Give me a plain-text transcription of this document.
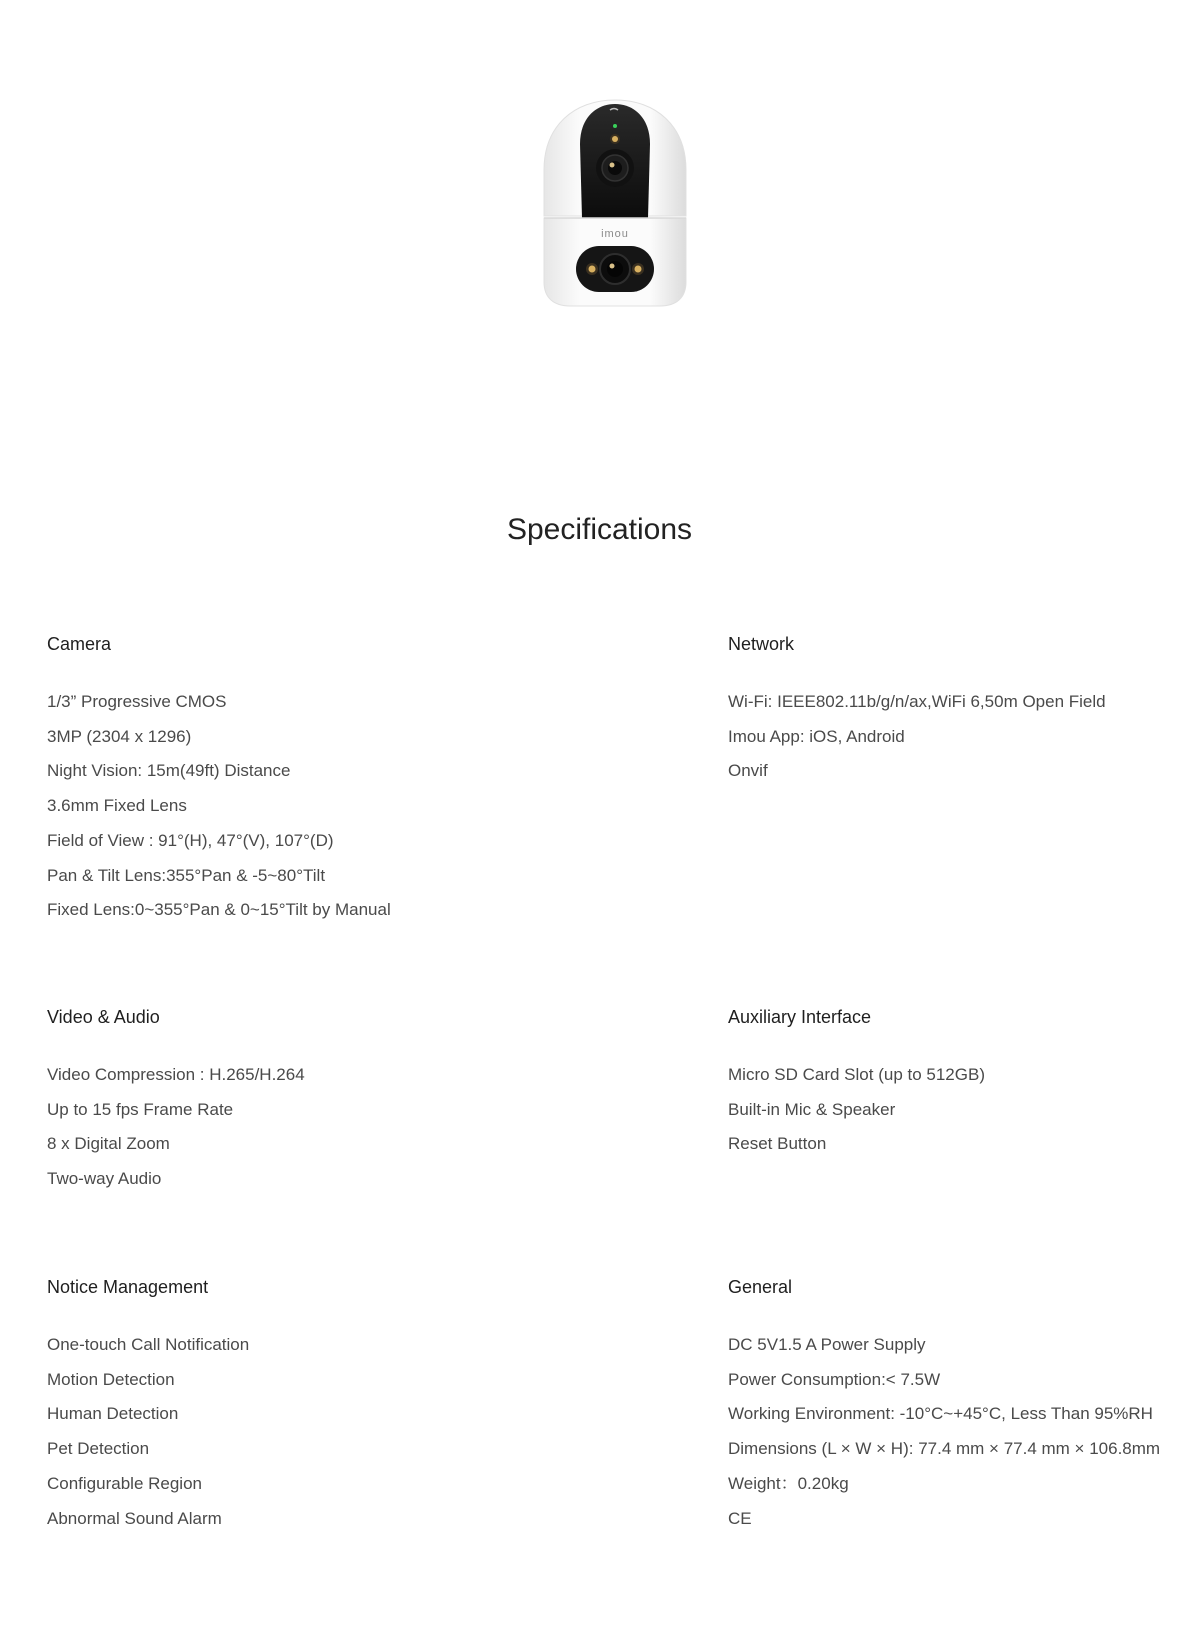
imou
Specifications
Camera
1/3” Progressive CMOS
3MP (2304 x 1296)
Night Vision: 15m(49ft) Distance
3.6mm Fixed Lens
Field of View : 91°(H), 47°(V), 107°(D)
Pan & Tilt Lens:355°Pan & -5~80°Tilt
Fixed Lens:0~355°Pan & 0~15°Tilt by Manual
Network
Wi-Fi: IEEE802.11b/g/n/ax,WiFi 6,50m Open Field
Imou App: iOS, Android
Onvif
Video & Audio
Video Compression : H.265/H.264
Up to 15 fps Frame Rate
8 x Digital Zoom
Two-way Audio
Auxiliary Interface
Micro SD Card Slot (up to 512GB)
Built-in Mic & Speaker
Reset Button
Notice Management
One-touch Call Notification
Motion Detection
Human Detection
Pet Detection
Configurable Region
Abnormal Sound Alarm
General
DC 5V1.5 A Power Supply
Power Consumption:< 7.5W
Working Environment: -10°C~+45°C, Less Than 95%RH
Dimensions (L × W × H): 77.4 mm × 77.4 mm × 106.8mm
Weight：0.20kg
CE
